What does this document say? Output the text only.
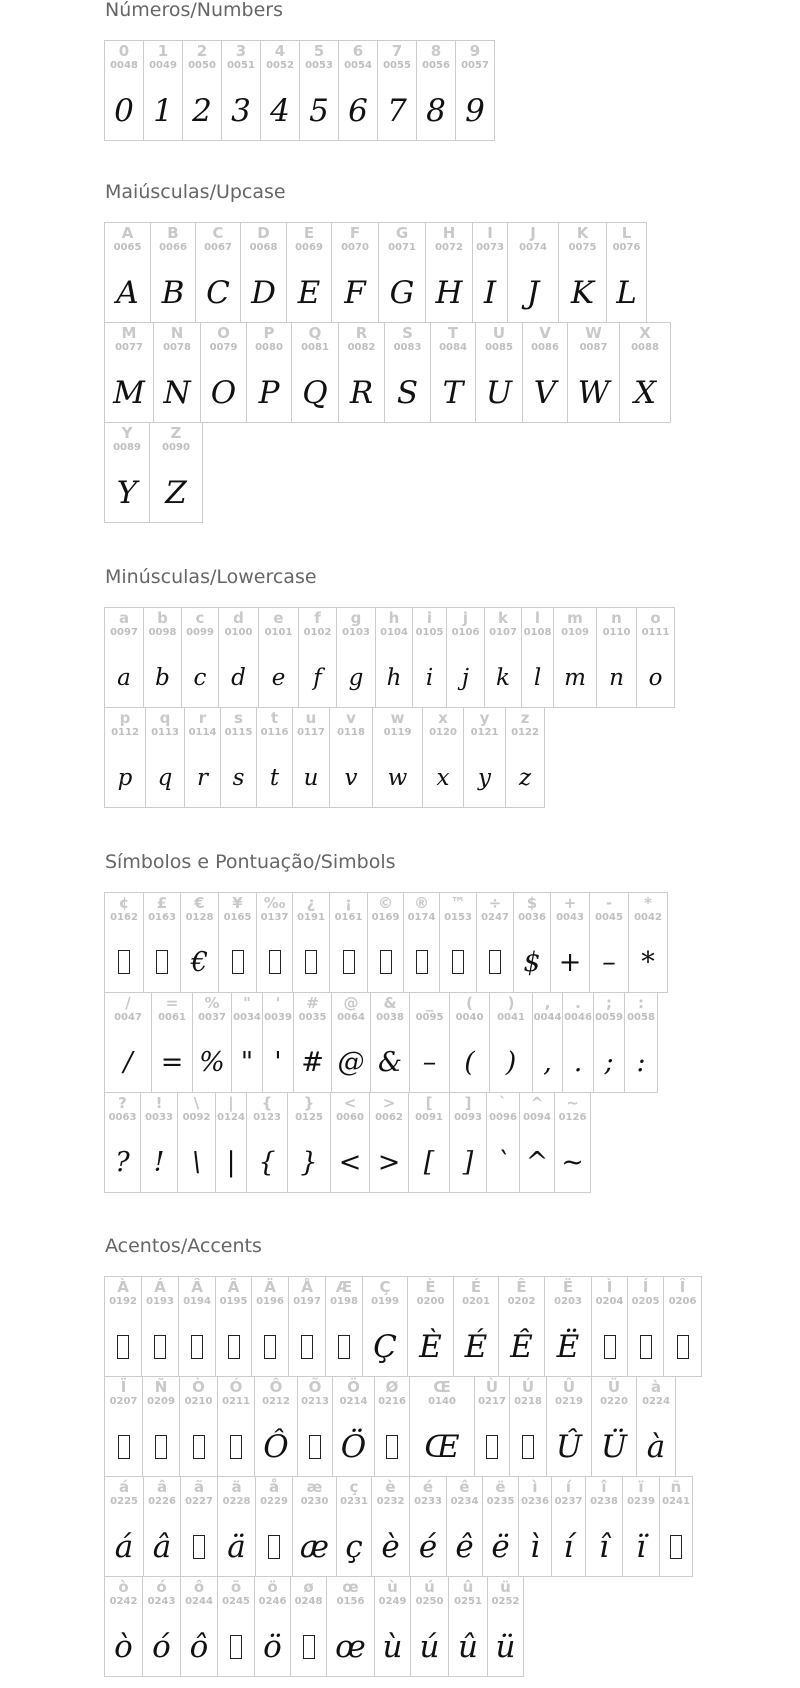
Números/Numbers
0
0048
0
1
0049
1
2
0050
2
3
0051
3
4
0052
4
5
0053
5
6
0054
6
7
0055
7
8
0056
8
9
0057
9
Maiúsculas/Upcase
A
0065
A
B
0066
B
C
0067
C
D
0068
D
E
0069
E
F
0070
F
G
0071
G
H
0072
H
I
0073
I
J
0074
J
K
0075
K
L
0076
L
M
0077
M
N
0078
N
O
0079
O
P
0080
P
Q
0081
Q
R
0082
R
S
0083
S
T
0084
T
U
0085
U
V
0086
V
W
0087
W
X
0088
X
Y
0089
Y
Z
0090
Z
Minúsculas/Lowercase
a
0097
a
b
0098
b
c
0099
c
d
0100
d
e
0101
e
f
0102
f
g
0103
g
h
0104
h
i
0105
i
j
0106
j
k
0107
k
l
0108
l
m
0109
m
n
0110
n
o
0111
o
p
0112
p
q
0113
q
r
0114
r
s
0115
s
t
0116
t
u
0117
u
v
0118
v
w
0119
w
x
0120
x
y
0121
y
z
0122
z
Símbolos e Pontuação/Simbols
¢
0162
£
0163
€
0128
€
¥
0165
‰
0137
¿
0191
¡
0161
©
0169
®
0174
™
0153
÷
0247
$
0036
$
+
0043
+
-
0045
–
*
0042
*
/
0047
/
=
0061
=
%
0037
%
"
0034
"
'
0039
'
#
0035
#
@
0064
@
&
0038
&
_
0095
–
(
0040
(
)
0041
)
,
0044
,
.
0046
.
;
0059
;
:
0058
:
?
0063
?
!
0033
!
\
0092
\
|
0124
|
{
0123
{
}
0125
}
<
0060
<
>
0062
>
[
0091
[
]
0093
]
`
0096
`
^
0094
^
~
0126
~
Acentos/Accents
À
0192
Á
0193
Â
0194
Ã
0195
Ä
0196
Å
0197
Æ
0198
Ç
0199
Ç
È
0200
È
É
0201
É
Ê
0202
Ê
Ë
0203
Ë
Ì
0204
Í
0205
Î
0206
Ï
0207
Ñ
0209
Ò
0210
Ó
0211
Ô
0212
Ô
Õ
0213
Ö
0214
Ö
Ø
0216
Œ
0140
Œ
Ù
0217
Ú
0218
Û
0219
Û
Ü
0220
Ü
à
0224
à
á
0225
á
â
0226
â
ã
0227
ä
0228
ä
å
0229
æ
0230
æ
ç
0231
ç
è
0232
è
é
0233
é
ê
0234
ê
ë
0235
ë
ì
0236
ì
í
0237
í
î
0238
î
ï
0239
ï
ñ
0241
ò
0242
ò
ó
0243
ó
ô
0244
ô
õ
0245
ö
0246
ö
ø
0248
œ
0156
œ
ù
0249
ù
ú
0250
ú
û
0251
û
ü
0252
ü
